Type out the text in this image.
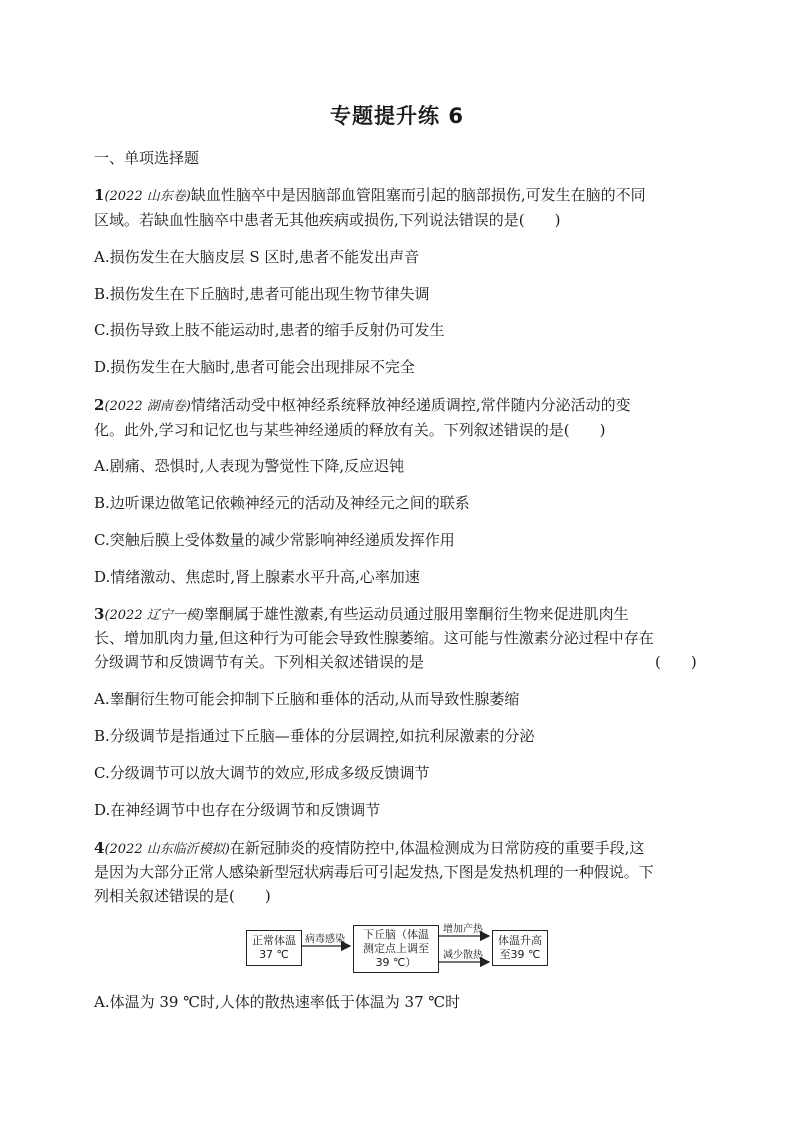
专题提升练 6
一、单项选择题
1(2022 山东卷)缺血性脑卒中是因脑部血管阻塞而引起的脑部损伤,可发生在脑的不同
区域。若缺血性脑卒中患者无其他疾病或损伤,下列说法错误的是(　　)
A.损伤发生在大脑皮层 S 区时,患者不能发出声音
B.损伤发生在下丘脑时,患者可能出现生物节律失调
C.损伤导致上肢不能运动时,患者的缩手反射仍可发生
D.损伤发生在大脑时,患者可能会出现排尿不完全
2(2022 湖南卷)情绪活动受中枢神经系统释放神经递质调控,常伴随内分泌活动的变
化。此外,学习和记忆也与某些神经递质的释放有关。下列叙述错误的是(　　)
A.剧痛、恐惧时,人表现为警觉性下降,反应迟钝
B.边听课边做笔记依赖神经元的活动及神经元之间的联系
C.突触后膜上受体数量的减少常影响神经递质发挥作用
D.情绪激动、焦虑时,肾上腺素水平升高,心率加速
3(2022 辽宁一模)睾酮属于雄性激素,有些运动员通过服用睾酮衍生物来促进肌肉生
长、增加肌肉力量,但这种行为可能会导致性腺萎缩。这可能与性激素分泌过程中存在
分级调节和反馈调节有关。下列相关叙述错误的是	(　　)
A.睾酮衍生物可能会抑制下丘脑和垂体的活动,从而导致性腺萎缩
B.分级调节是指通过下丘脑—垂体的分层调控,如抗利尿激素的分泌
C.分级调节可以放大调节的效应,形成多级反馈调节
D.在神经调节中也存在分级调节和反馈调节
4(2022 山东临沂模拟)在新冠肺炎的疫情防控中,体温检测成为日常防疫的重要手段,这
是因为大部分正常人感染新型冠状病毒后可引起发热,下图是发热机理的一种假说。下
列相关叙述错误的是(　　)
正常体温
37 ℃
病毒感染 下丘脑（体温
测定点上调至
39 ℃）
增加产热
减少散热
体温升高
至39 ℃
A.体温为 39 ℃时,人体的散热速率低于体温为 37 ℃时
